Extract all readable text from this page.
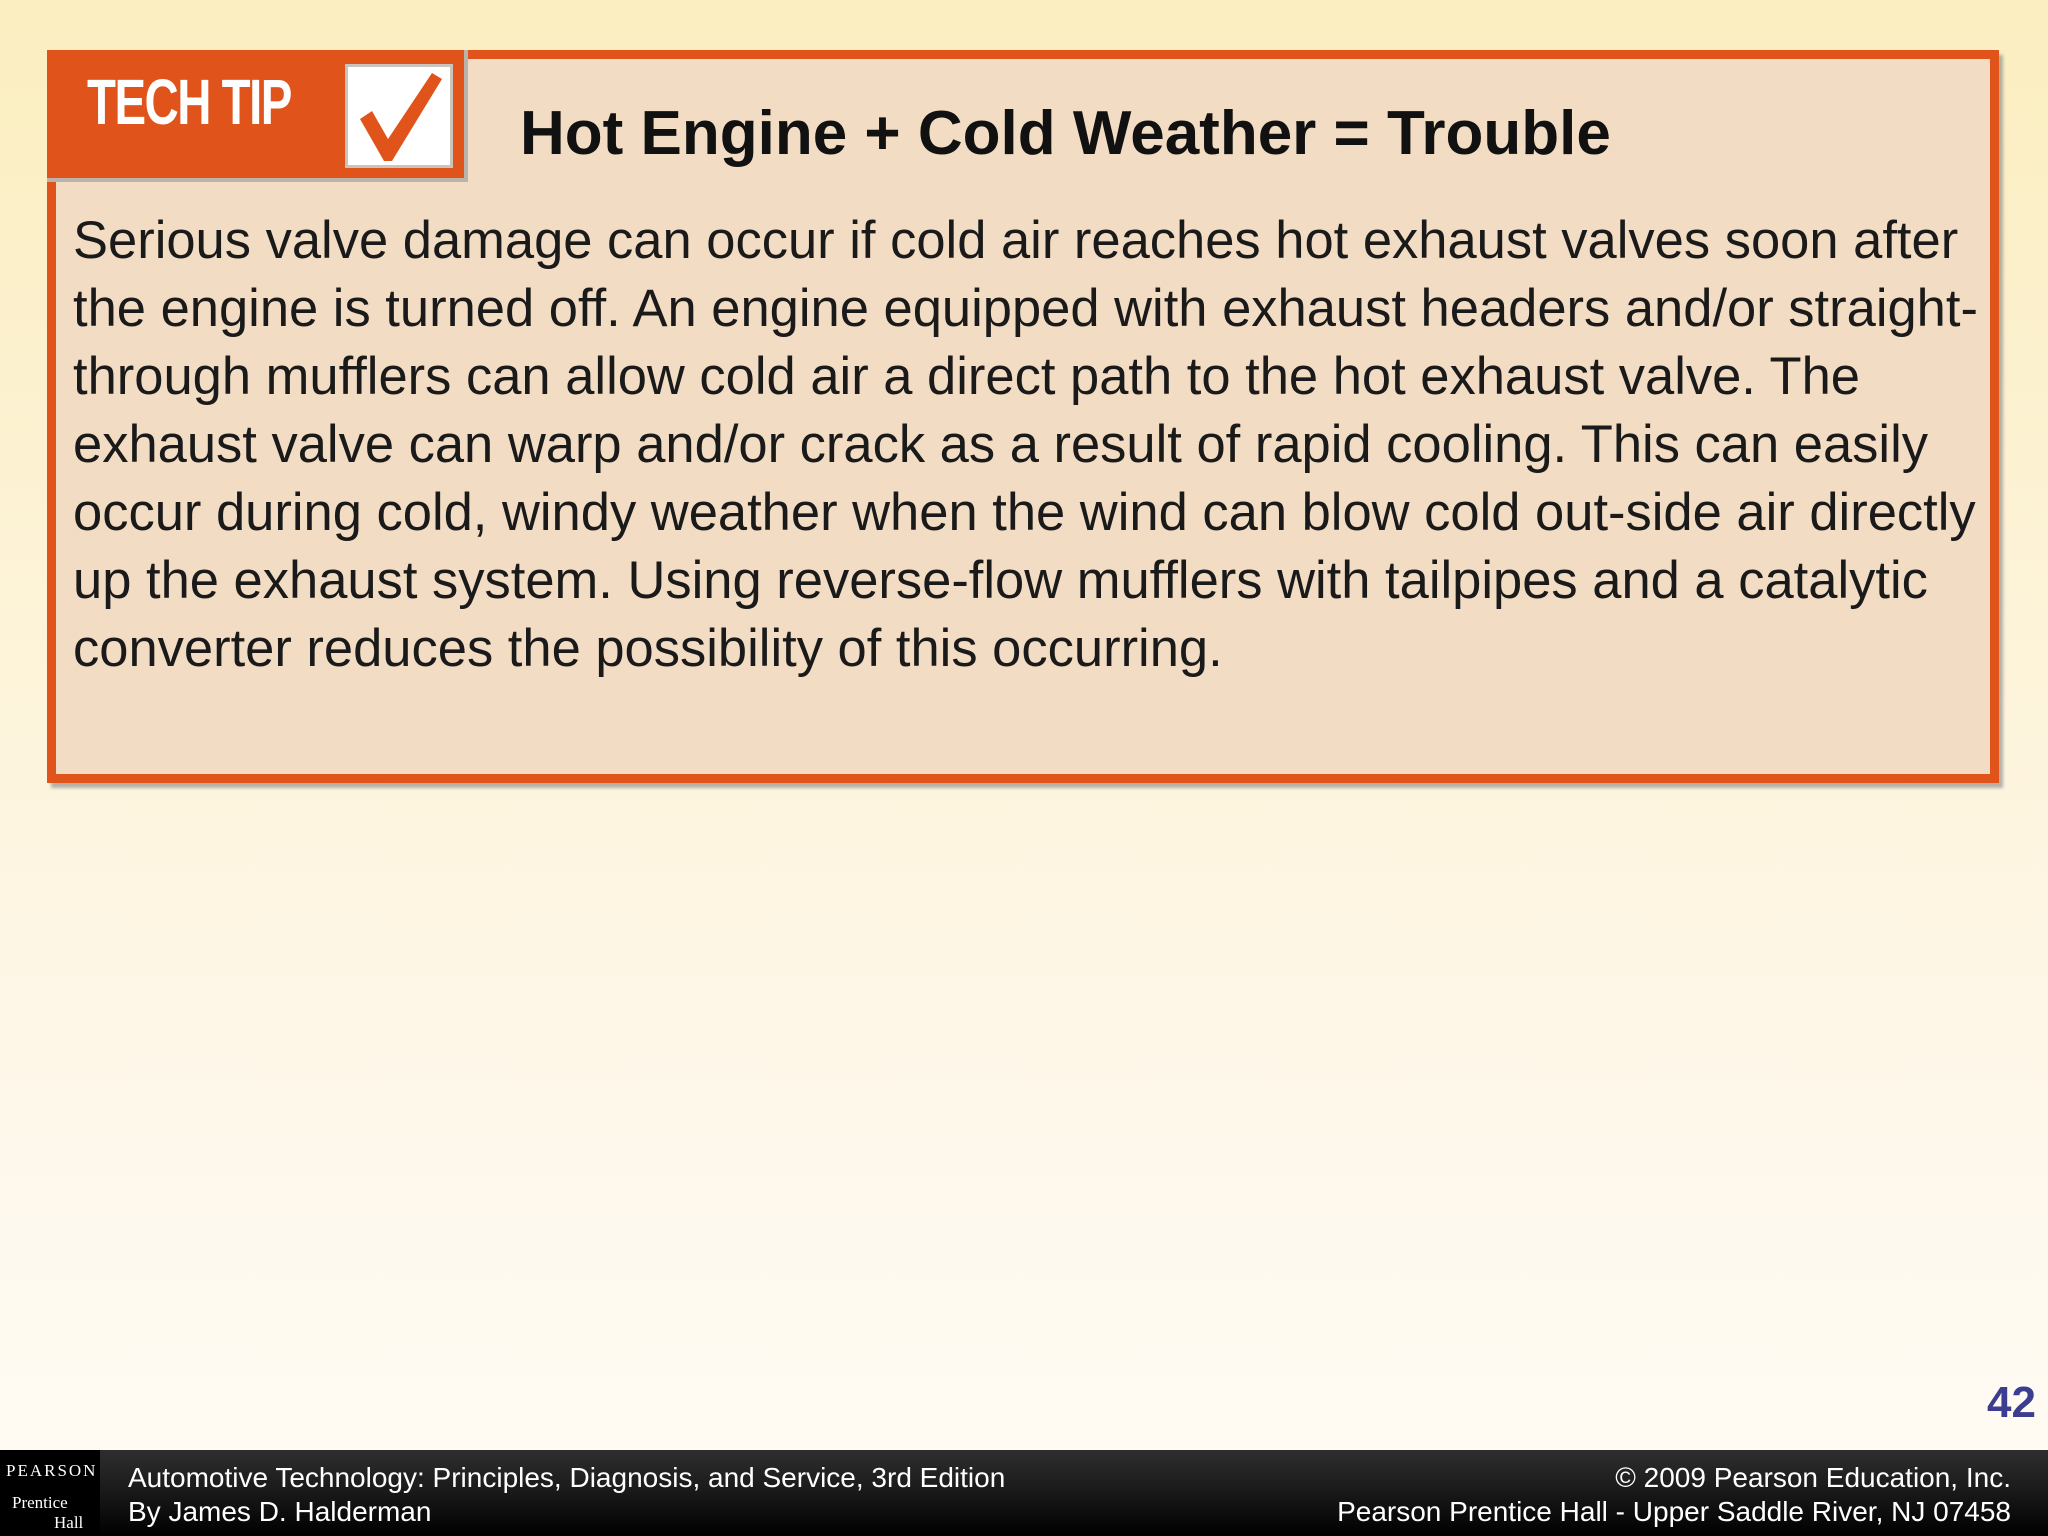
TECH TIP	Hot Engine + Cold Weather = Trouble

Serious valve damage can occur if cold air reaches hot exhaust valves soon after the engine is turned off. An engine equipped with exhaust headers and/or straight-through mufflers can allow cold air a direct path to the hot exhaust valve. The exhaust valve can warp and/or crack as a result of rapid cooling. This can easily occur during cold, windy weather when the wind can blow cold out-side air directly up the exhaust system. Using reverse-flow mufflers with tailpipes and a catalytic converter reduces the possibility of this occurring.

42
PEARSON
Prentice
Hall
Automotive Technology: Principles, Diagnosis, and Service, 3rd Edition
By James D. Halderman
© 2009 Pearson Education, Inc.
Pearson Prentice Hall - Upper Saddle River, NJ 07458
